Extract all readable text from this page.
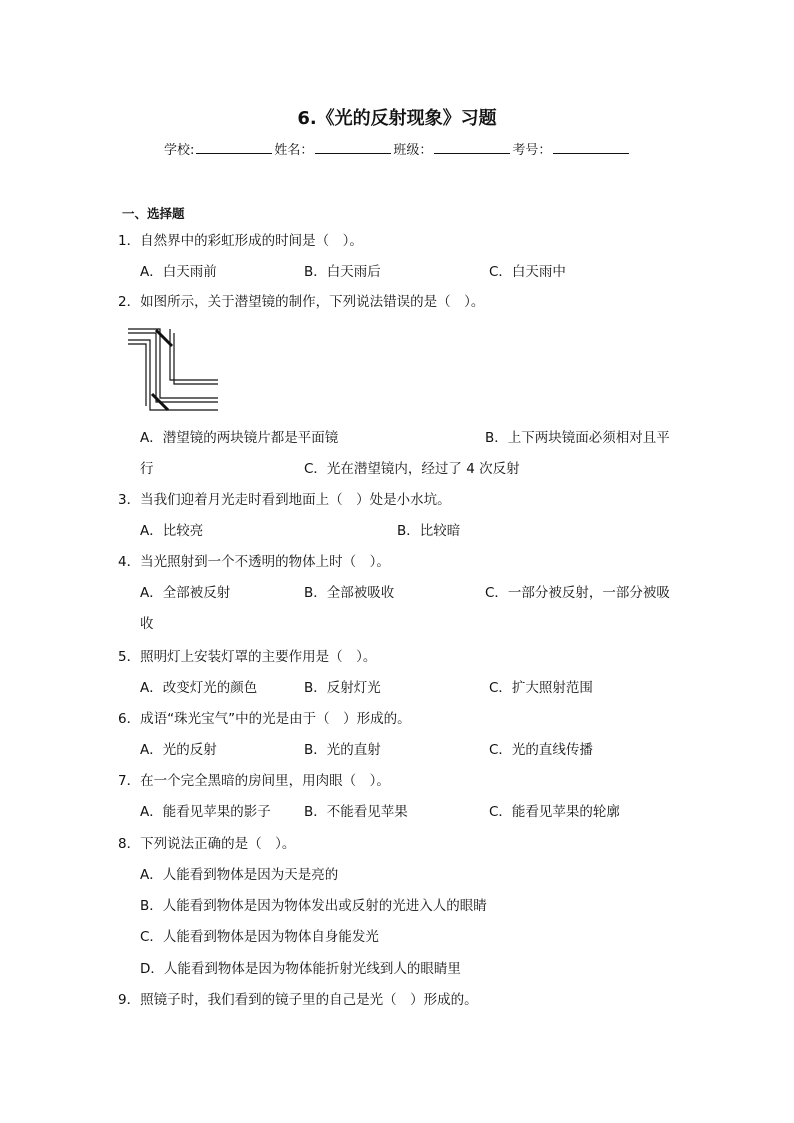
6.《光的反射现象》习题
学校:	姓名：	班级：	考号：
一、选择题
1．自然界中的彩虹形成的时间是（　）。
A．白天雨前	B．白天雨后	C．白天雨中
2．如图所示，关于潜望镜的制作，下列说法错误的是（　）。
A．潜望镜的两块镜片都是平面镜	B．上下两块镜面必须相对且平
行	C．光在潜望镜内，经过了 4 次反射
3．当我们迎着月光走时看到地面上（　）处是小水坑。
A．比较亮	B．比较暗
4．当光照射到一个不透明的物体上时（　）。
A．全部被反射	B．全部被吸收	C．一部分被反射，一部分被吸
收
5．照明灯上安装灯罩的主要作用是（　）。
A．改变灯光的颜色	B．反射灯光	C．扩大照射范围
6．成语“珠光宝气”中的光是由于（　）形成的。
A．光的反射	B．光的直射	C．光的直线传播
7．在一个完全黑暗的房间里，用肉眼（　）。
A．能看见苹果的影子 B．不能看见苹果	C．能看见苹果的轮廓
8．下列说法正确的是（　）。
A．人能看到物体是因为天是亮的
B．人能看到物体是因为物体发出或反射的光进入人的眼睛
C．人能看到物体是因为物体自身能发光
D．人能看到物体是因为物体能折射光线到人的眼睛里
9．照镜子时，我们看到的镜子里的自己是光（　）形成的。
